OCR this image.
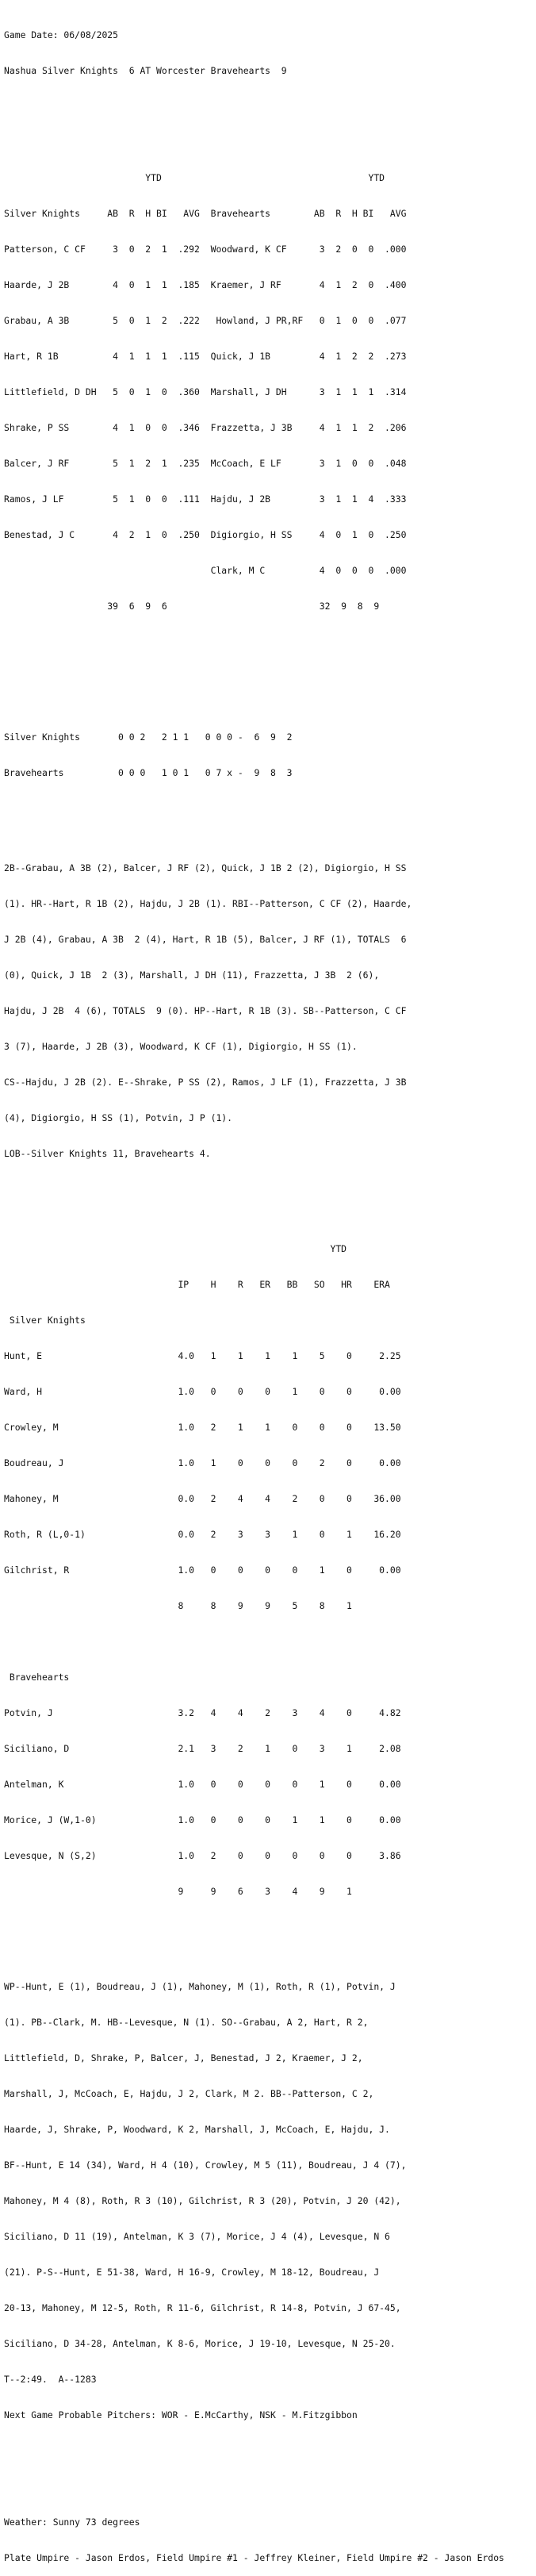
Game Date: 06/08/2025

Nashua Silver Knights  6 AT Worcester Bravehearts  9

YTD                                      YTD

Silver Knights     AB  R  H BI   AVG  Bravehearts        AB  R  H BI   AVG

Patterson, C CF     3  0  2  1  .292  Woodward, K CF      3  2  0  0  .000

Haarde, J 2B        4  0  1  1  .185  Kraemer, J RF       4  1  2  0  .400

Grabau, A 3B        5  0  1  2  .222   Howland, J PR,RF   0  1  0  0  .077

Hart, R 1B          4  1  1  1  .115  Quick, J 1B         4  1  2  2  .273

Littlefield, D DH   5  0  1  0  .360  Marshall, J DH      3  1  1  1  .314

Shrake, P SS        4  1  0  0  .346  Frazzetta, J 3B     4  1  1  2  .206

Balcer, J RF        5  1  2  1  .235  McCoach, E LF       3  1  0  0  .048

Ramos, J LF         5  1  0  0  .111  Hajdu, J 2B         3  1  1  4  .333

Benestad, J C       4  2  1  0  .250  Digiorgio, H SS     4  0  1  0  .250

Clark, M C          4  0  0  0  .000

39  6  9  6                            32  9  8  9

Silver Knights       0 0 2   2 1 1   0 0 0 -  6  9  2

Bravehearts          0 0 0   1 0 1   0 7 x -  9  8  3

2B--Grabau, A 3B (2), Balcer, J RF (2), Quick, J 1B 2 (2), Digiorgio, H SS

(1). HR--Hart, R 1B (2), Hajdu, J 2B (1). RBI--Patterson, C CF (2), Haarde,

J 2B (4), Grabau, A 3B  2 (4), Hart, R 1B (5), Balcer, J RF (1), TOTALS  6

(0), Quick, J 1B  2 (3), Marshall, J DH (11), Frazzetta, J 3B  2 (6),

Hajdu, J 2B  4 (6), TOTALS  9 (0). HP--Hart, R 1B (3). SB--Patterson, C CF

3 (7), Haarde, J 2B (3), Woodward, K CF (1), Digiorgio, H SS (1).

CS--Hajdu, J 2B (2). E--Shrake, P SS (2), Ramos, J LF (1), Frazzetta, J 3B

(4), Digiorgio, H SS (1), Potvin, J P (1).

LOB--Silver Knights 11, Bravehearts 4.

YTD

IP    H    R   ER   BB   SO   HR    ERA

Silver Knights

Hunt, E                         4.0   1    1    1    1    5    0     2.25

Ward, H                         1.0   0    0    0    1    0    0     0.00

Crowley, M                      1.0   2    1    1    0    0    0    13.50

Boudreau, J                     1.0   1    0    0    0    2    0     0.00

Mahoney, M                      0.0   2    4    4    2    0    0    36.00

Roth, R (L,0-1)                 0.0   2    3    3    1    0    1    16.20

Gilchrist, R                    1.0   0    0    0    0    1    0     0.00

8     8    9    9    5    8    1

Bravehearts

Potvin, J                       3.2   4    4    2    3    4    0     4.82

Siciliano, D                    2.1   3    2    1    0    3    1     2.08

Antelman, K                     1.0   0    0    0    0    1    0     0.00

Morice, J (W,1-0)               1.0   0    0    0    1    1    0     0.00

Levesque, N (S,2)               1.0   2    0    0    0    0    0     3.86

9     9    6    3    4    9    1

WP--Hunt, E (1), Boudreau, J (1), Mahoney, M (1), Roth, R (1), Potvin, J

(1). PB--Clark, M. HB--Levesque, N (1). SO--Grabau, A 2, Hart, R 2,

Littlefield, D, Shrake, P, Balcer, J, Benestad, J 2, Kraemer, J 2,

Marshall, J, McCoach, E, Hajdu, J 2, Clark, M 2. BB--Patterson, C 2,

Haarde, J, Shrake, P, Woodward, K 2, Marshall, J, McCoach, E, Hajdu, J.

BF--Hunt, E 14 (34), Ward, H 4 (10), Crowley, M 5 (11), Boudreau, J 4 (7),

Mahoney, M 4 (8), Roth, R 3 (10), Gilchrist, R 3 (20), Potvin, J 20 (42),

Siciliano, D 11 (19), Antelman, K 3 (7), Morice, J 4 (4), Levesque, N 6

(21). P-S--Hunt, E 51-38, Ward, H 16-9, Crowley, M 18-12, Boudreau, J

20-13, Mahoney, M 12-5, Roth, R 11-6, Gilchrist, R 14-8, Potvin, J 67-45,

Siciliano, D 34-28, Antelman, K 8-6, Morice, J 19-10, Levesque, N 25-20.

T--2:49.  A--1283

Next Game Probable Pitchers: WOR - E.McCarthy, NSK - M.Fitzgibbon

Weather: Sunny 73 degrees

Plate Umpire - Jason Erdos, Field Umpire #1 - Jeffrey Kleiner, Field Umpire #2 - Jason Erdos
